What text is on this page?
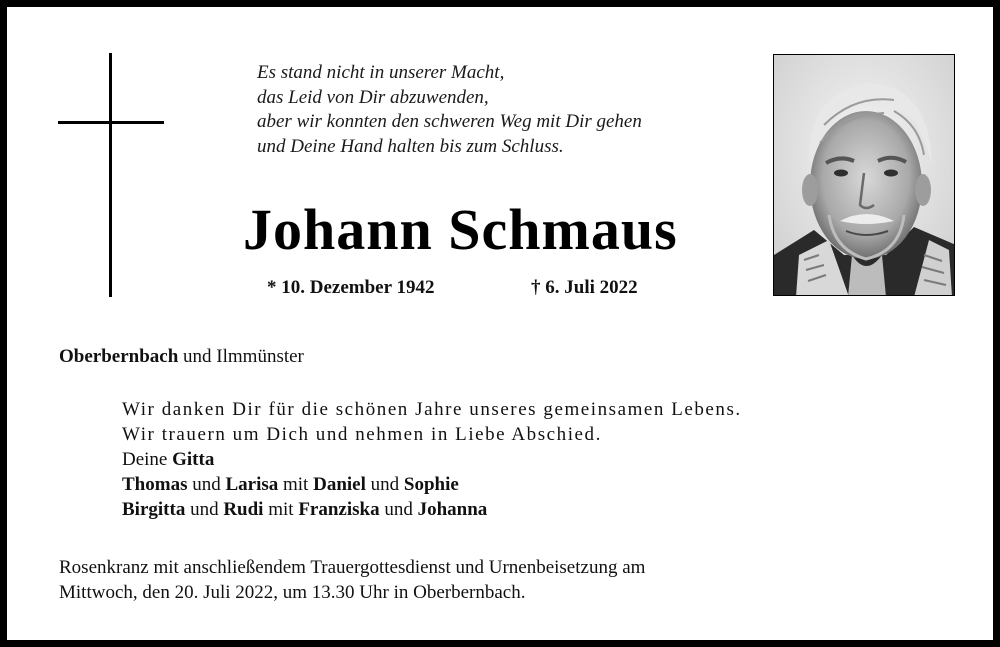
Es stand nicht in unserer Macht,
das Leid von Dir abzuwenden,
aber wir konnten den schweren Weg mit Dir gehen
und Deine Hand halten bis zum Schluss.
Johann Schmaus
* 10. Dezember 1942	† 6. Juli 2022
Oberbernbach und Ilmmünster
Wir danken Dir für die schönen Jahre unseres gemeinsamen Lebens.
Wir trauern um Dich und nehmen in Liebe Abschied.
Deine Gitta
Thomas und Larisa mit Daniel und Sophie
Birgitta und Rudi mit Franziska und Johanna
Rosenkranz mit anschließendem Trauergottesdienst und Urnenbeisetzung am
Mittwoch, den 20. Juli 2022, um 13.30 Uhr in Oberbernbach.
